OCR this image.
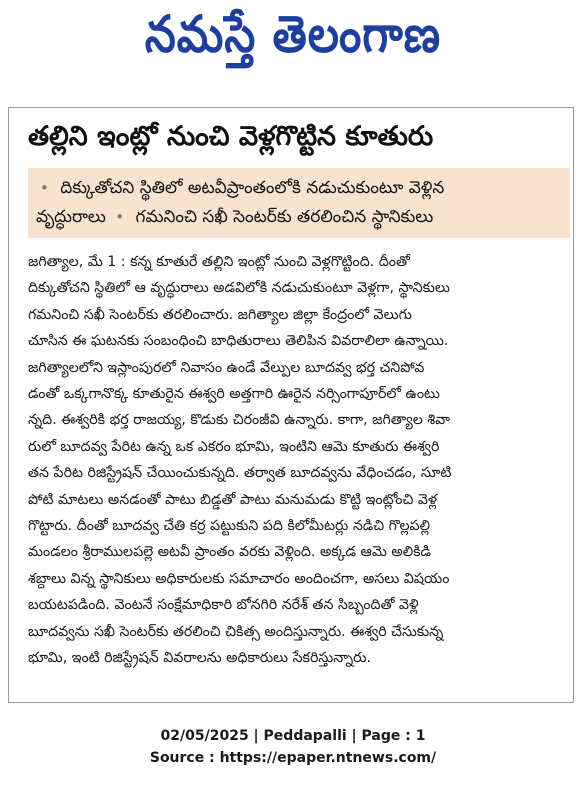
నమస్తే తెలంగాణ
తల్లిని ఇంట్లో నుంచి వెళ్లగొట్టిన కూతురు
• దిక్కుతోచని స్థితిలో అటవీప్రాంతంలోకి నడుచుకుంటూ వెళ్లిన
వృద్ధురాలు • గమనించి సఖీ సెంటర్‌కు తరలించిన స్థానికులు
జగిత్యాల, మే 1 : కన్న కూతురే తల్లిని ఇంట్లో నుంచి వెళ్లగొట్టింది. దీంతో
దిక్కుతోచని స్థితిలో ఆ వృద్ధురాలు అడవిలోకి నడుచుకుంటూ వెళ్లగా, స్థానికులు
గమనించి సఖీ సెంటర్‌కు తరలించారు. జగిత్యాల జిల్లా కేంద్రంలో వెలుగు
చూసిన ఈ ఘటనకు సంబంధించి బాధితురాలు తెలిపిన వివరాలిలా ఉన్నాయి.
జగిత్యాలలోని ఇస్లాంపురలో నివాసం ఉండే వేల్పుల బూదవ్వ భర్త చనిపోవ
డంతో ఒక్కగానొక్క కూతురైన ఈశ్వరి అత్తగారి ఊరైన నర్సింగాపూర్‌లో ఉంటు
న్నది. ఈశ్వరికి భర్త రాజయ్య, కొడుకు చిరంజీవి ఉన్నారు. కాగా, జగిత్యాల శివా
రులో బూదవ్వ పేరిట ఉన్న ఒక ఎకరం భూమి, ఇంటిని ఆమె కూతురు ఈశ్వరి
తన పేరిట రిజిస్ట్రేషన్ చేయించుకున్నది. తర్వాత బూదవ్వను వేధించడం, సూటి
పోటి మాటలు అనడంతో పాటు బిడ్డతో పాటు మనుమడు కొట్టి ఇంట్లోంచి వెళ్ల
గొట్టారు. దీంతో బూదవ్వ చేతి కర్ర పట్టుకుని పది కిలోమీటర్లు నడిచి గొల్లపల్లి
మండలం శ్రీరాములపల్లె అటవీ ప్రాంతం వరకు వెళ్లింది. అక్కడ ఆమె అలికిడి
శబ్దాలు విన్న స్థానికులు అధికారులకు సమాచారం అందించగా, అసలు విషయం
బయటపడింది. వెంటనే సంక్షేమాధికారి బోనగిరి నరేశ్ తన సిబ్బందితో వెళ్లి
బూదవ్వను సఖీ సెంటర్‌కు తరలించి చికిత్స అందిస్తున్నారు. ఈశ్వరి చేసుకున్న
భూమి, ఇంటి రిజిస్ట్రేషన్ వివరాలను అధికారులు సేకరిస్తున్నారు.
02/05/2025 | Peddapalli | Page : 1
Source : https://epaper.ntnews.com/
